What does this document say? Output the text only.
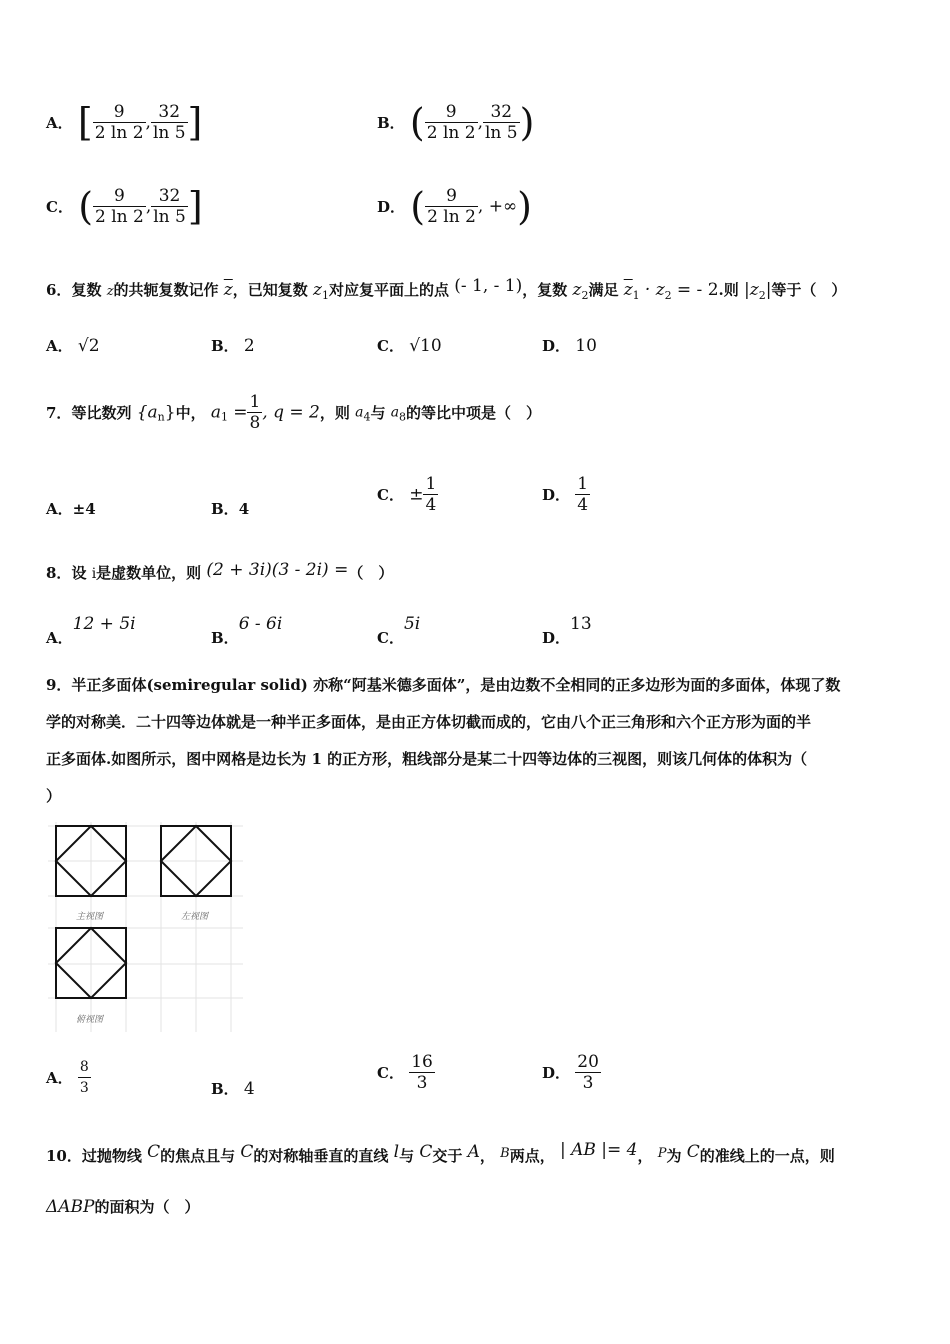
A． [ $\frac{9}{2 \ln 2}$ , $\frac{32}{\ln 5}$ ]	B． ( $\frac{9}{2 \ln 2}$ , $\frac{32}{\ln 5}$ )
C． ( $\frac{9}{2 \ln 2}$ , $\frac{32}{\ln 5}$ ]	D． ( $\frac{9}{2 \ln 2}$ , +∞)
6．复数 z的共轭复数记作 $\overline{z}$，已知复数 $z_1$对应复平面上的点 (- 1, - 1)，复数 $z_2$满足 $\overline{z}_1 \cdot z_2$ = - 2.则 $|z_2|$等于（　）
A． √2	B． 2	C． √10	D． 10
7．等比数列 $\{a_n\}$中， $a_1 = \frac{1}{8}$ , q = 2，则 $a_4$与 $a_8$的等比中项是（　）
A．±4	B．4
C． ± $\frac{1}{4}$	D． $\frac{1}{4}$
8．设 i是虚数单位，则 (2 + 3i)(3 - 2i) =（　）
A．12 + 5i
B．6 - 6i
C．5i
D．13
9．半正多面体(semiregular solid) 亦称“阿基米德多面体”，是由边数不全相同的正多边形为面的多面体，体现了数
学的对称美．二十四等边体就是一种半正多面体，是由正方体切截而成的，它由八个正三角形和六个正方形为面的半
正多面体.如图所示，图中网格是边长为 1 的正方形，粗线部分是某二十四等边体的三视图，则该几何体的体积为（
）
主视图	左视图
俯视图
A． $\frac{8}{3}$	B． 4
C． $\frac{16}{3}$	D． $\frac{20}{3}$
10．过抛物线 C的焦点且与 C的对称轴垂直的直线 l与 C交于 A， B两点， | AB |= 4， P为 C的准线上的一点，则
ΔABP的面积为（　）
